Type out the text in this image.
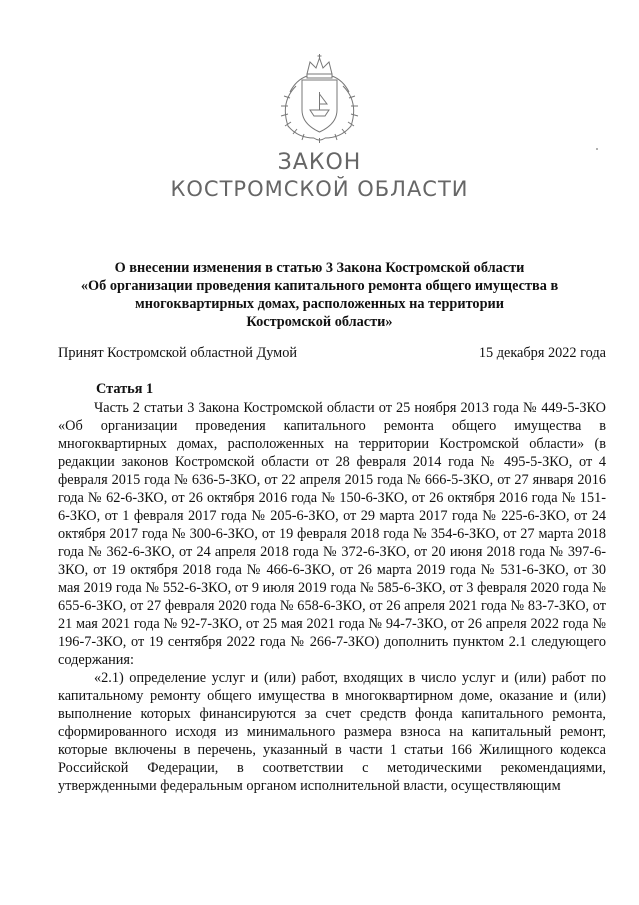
ЗАКОН
КОСТРОМСКОЙ ОБЛАСТИ
О внесении изменения в статью 3 Закона Костромской области
«Об организации проведения капитального ремонта общего имущества в
многоквартирных домах, расположенных на территории
Костромской области»
Принят Костромской областной Думой	15 декабря 2022 года
Статья 1

Часть 2 статьи 3 Закона Костромской области от 25 ноября 2013 года № 449-5-ЗКО «Об организации проведения капитального ремонта общего имущества в многоквартирных домах, расположенных на территории Костромской области» (в редакции законов Костромской области от 28 февраля 2014 года № 495-5-ЗКО, от 4 февраля 2015 года № 636-5-ЗКО, от 22 апреля 2015 года № 666-5-ЗКО, от 27 января 2016 года № 62-6-ЗКО, от 26 октября 2016 года № 150-6-ЗКО, от 26 октября 2016 года № 151-6-ЗКО, от 1 февраля 2017 года № 205-6-ЗКО, от 29 марта 2017 года № 225-6-ЗКО, от 24 октября 2017 года № 300-6-ЗКО, от 19 февраля 2018 года № 354-6-ЗКО, от 27 марта 2018 года № 362-6-ЗКО, от 24 апреля 2018 года № 372-6-ЗКО, от 20 июня 2018 года № 397-6-ЗКО, от 19 октября 2018 года № 466-6-ЗКО, от 26 марта 2019 года № 531-6-ЗКО, от 30 мая 2019 года № 552-6-ЗКО, от 9 июля 2019 года № 585-6-ЗКО, от 3 февраля 2020 года № 655-6-ЗКО, от 27 февраля 2020 года № 658-6-ЗКО, от 26 апреля 2021 года № 83-7-ЗКО, от 21 мая 2021 года № 92-7-ЗКО, от 25 мая 2021 года № 94-7-ЗКО, от 26 апреля 2022 года № 196-7-ЗКО, от 19 сентября 2022 года № 266-7-ЗКО) дополнить пунктом 2.1 следующего содержания:

«2.1) определение услуг и (или) работ, входящих в число услуг и (или) работ по капитальному ремонту общего имущества в многоквартирном доме, оказание и (или) выполнение которых финансируются за счет средств фонда капитального ремонта, сформированного исходя из минимального размера взноса на капитальный ремонт, которые включены в перечень, указанный в части 1 статьи 166 Жилищного кодекса Российской Федерации, в соответствии с методическими рекомендациями, утвержденными федеральным органом исполнительной власти, осуществляющим
